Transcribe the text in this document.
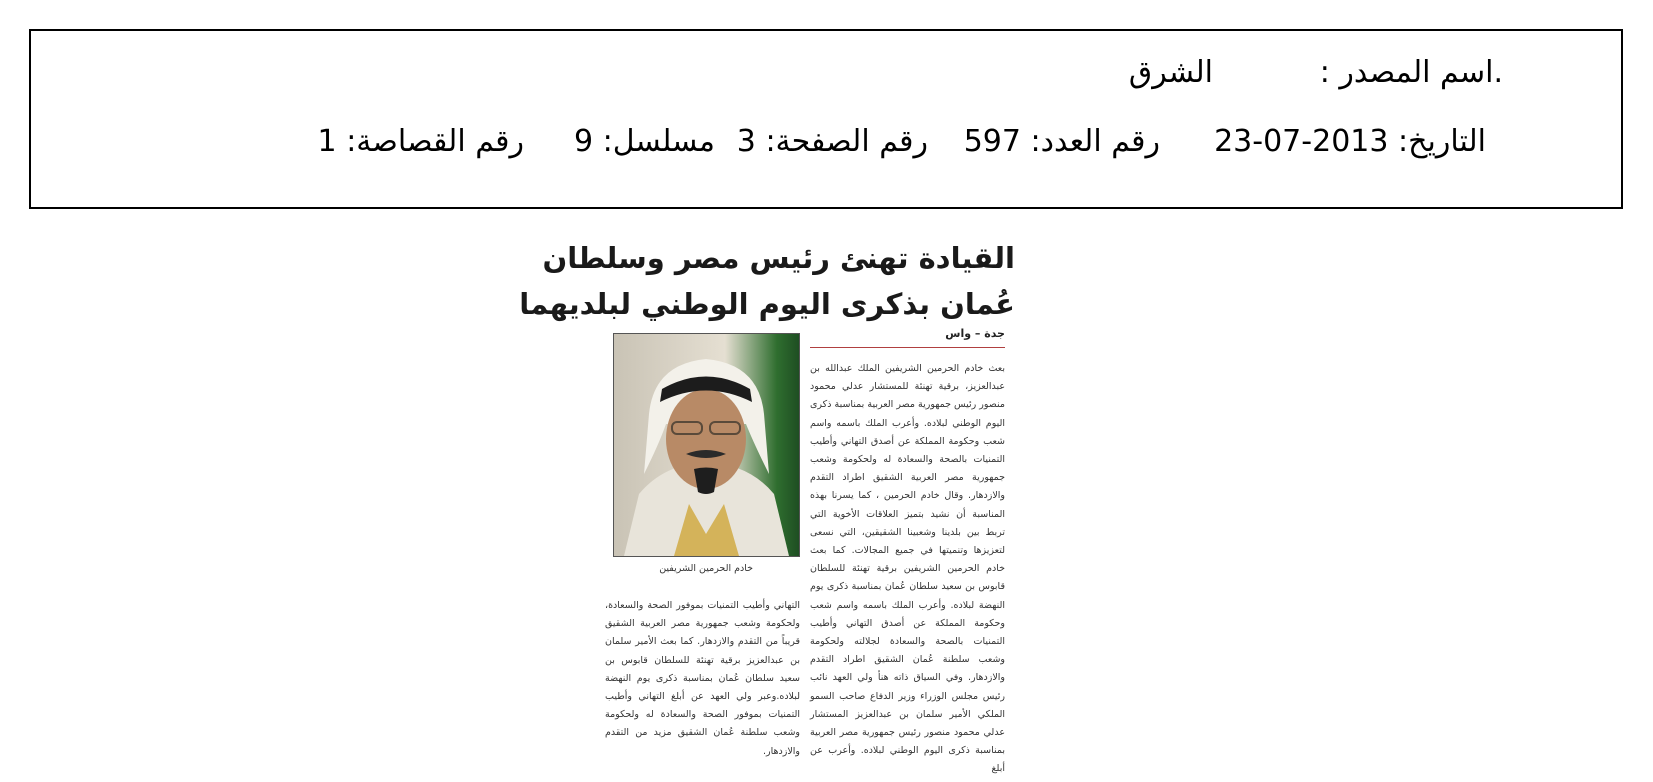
.اسم المصدر :
الشرق
التاريخ: 2013-07-23
رقم العدد: 597
رقم الصفحة: 3
مسلسل: 9
رقم القصاصة: 1
القيادة تهنئ رئيس مصر وسلطان
عُمان بذكرى اليوم الوطني لبلديهما
جدة – واس
بعث خادم الحرمين الشريفين الملك عبدالله بن عبدالعزيز، برقية تهنئة للمستشار عدلي محمود منصور رئيس جمهورية مصر العربية بمناسبة ذكرى اليوم الوطني لبلاده. وأعرب الملك باسمه واسم شعب وحكومة المملكة عن أصدق التهاني وأطيب التمنيات بالصحة والسعادة له ولحكومة وشعب جمهورية مصر العربية الشقيق اطراد التقدم والازدهار. وقال خادم الحرمين ، كما يسرنا بهذه المناسبة أن نشيد بتميز العلاقات الأخوية التي تربط بين بلدينا وشعبينا الشقيقين، التي نسعى لتعزيزها وتنميتها في جميع المجالات. كما بعث خادم الحرمين الشريفين برقية تهنئة للسلطان قابوس بن سعيد سلطان عُمان بمناسبة ذكرى يوم النهضة لبلاده. وأعرب الملك باسمه واسم شعب وحكومة المملكة عن أصدق التهاني وأطيب التمنيات بالصحة والسعادة لجلالته ولحكومة وشعب سلطنة عُمان الشقيق اطراد التقدم والازدهار. وفي السياق ذاته هنأ ولي العهد نائب رئيس مجلس الوزراء وزير الدفاع صاحب السمو الملكي الأمير سلمان بن عبدالعزيز المستشار عدلي محمود منصور رئيس جمهورية مصر العربية بمناسبة ذكرى اليوم الوطني لبلاده. وأعرب عن أبلغ
خادم الحرمين الشريفين
التهاني وأطيب التمنيات بموفور الصحة والسعادة، ولحكومة وشعب جمهورية مصر العربية الشقيق قريباً من التقدم والازدهار. كما بعث الأمير سلمان بن عبدالعزيز برقية تهنئة للسلطان قابوس بن سعيد سلطان عُمان بمناسبة ذكرى يوم النهضة لبلاده.وعبر ولي العهد عن أبلغ التهاني وأطيب التمنيات بموفور الصحة والسعادة له ولحكومة وشعب سلطنة عُمان الشقيق مزيد من التقدم والازدهار.
